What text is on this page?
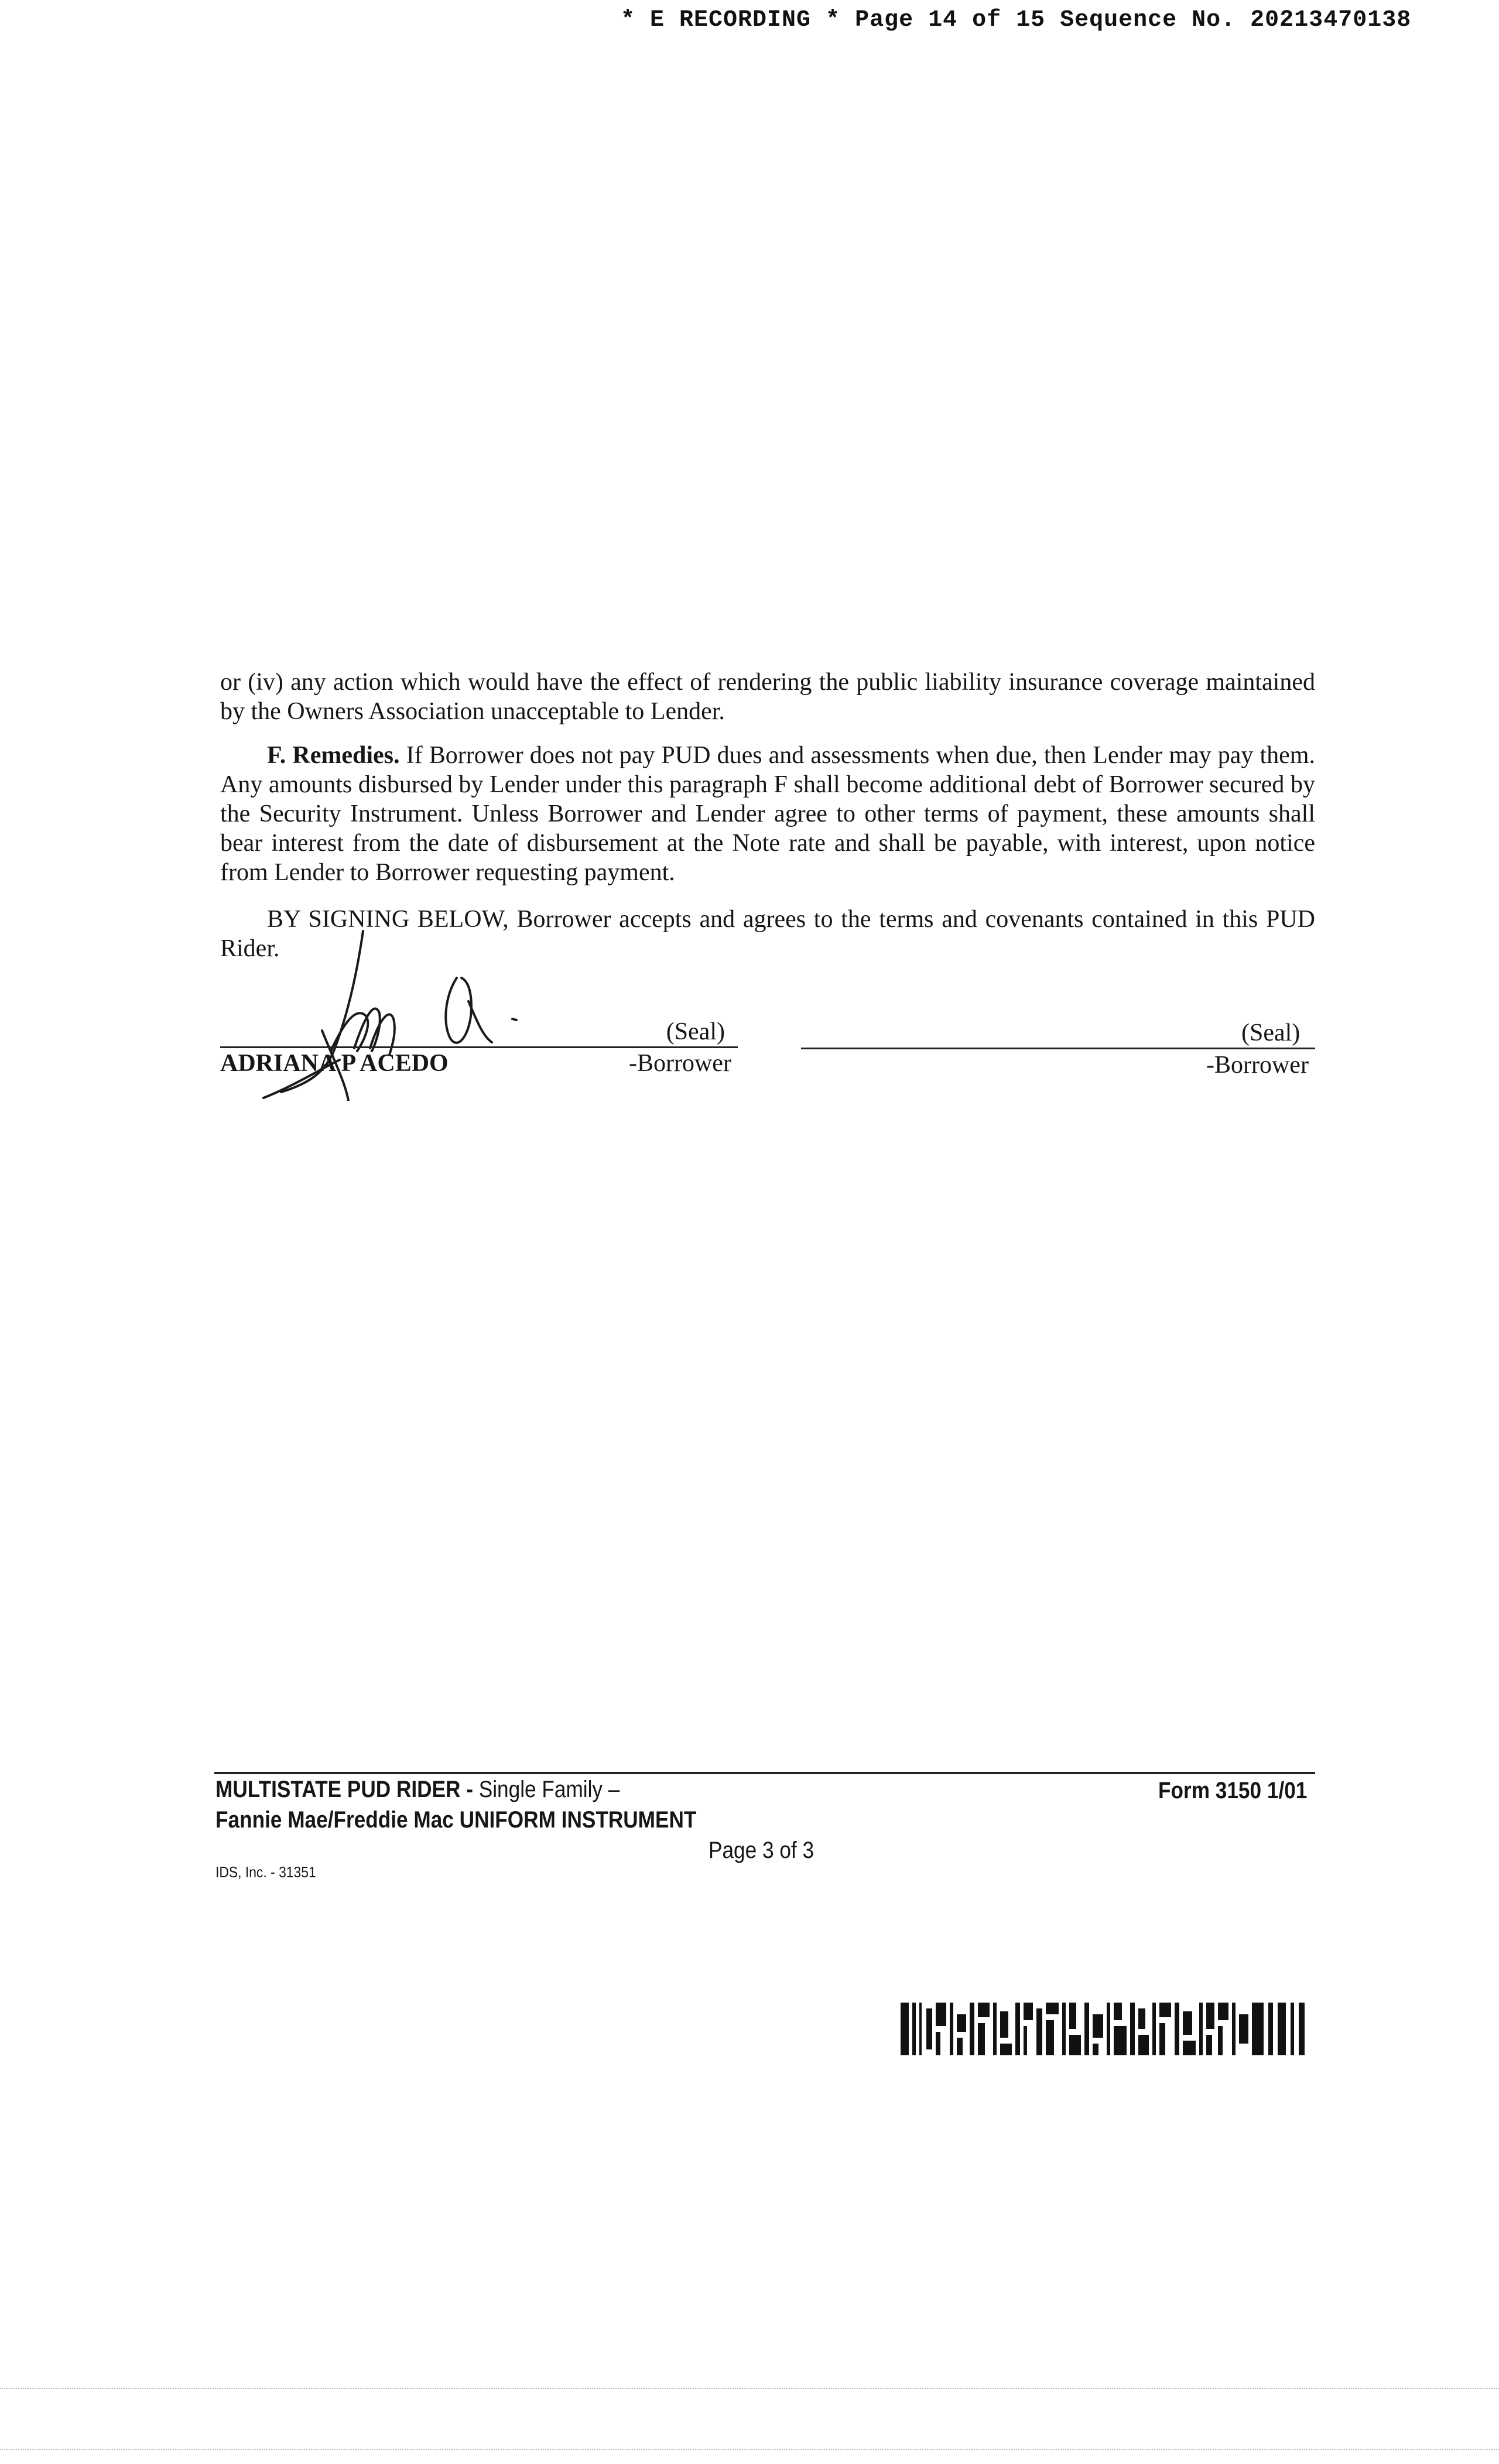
* E RECORDING * Page 14 of 15 Sequence No. 20213470138
or (iv) any action which would have the effect of rendering the public liability insurance coverage maintained by the Owners Association unacceptable to Lender.
F. Remedies. If Borrower does not pay PUD dues and assessments when due, then Lender may pay them. Any amounts disbursed by Lender under this paragraph F shall become additional debt of Borrower secured by the Security Instrument. Unless Borrower and Lender agree to other terms of payment, these amounts shall bear interest from the date of disbursement at the Note rate and shall be payable, with interest, upon notice from Lender to Borrower requesting payment.
BY SIGNING BELOW, Borrower accepts and agrees to the terms and covenants contained in this PUD Rider.
(Seal)
ADRIANA P ACEDO	-Borrower
(Seal)
-Borrower
MULTISTATE PUD RIDER - Single Family –
Fannie Mae/Freddie Mac UNIFORM INSTRUMENT
Form 3150 1/01
Page 3 of 3
IDS, Inc. - 31351
